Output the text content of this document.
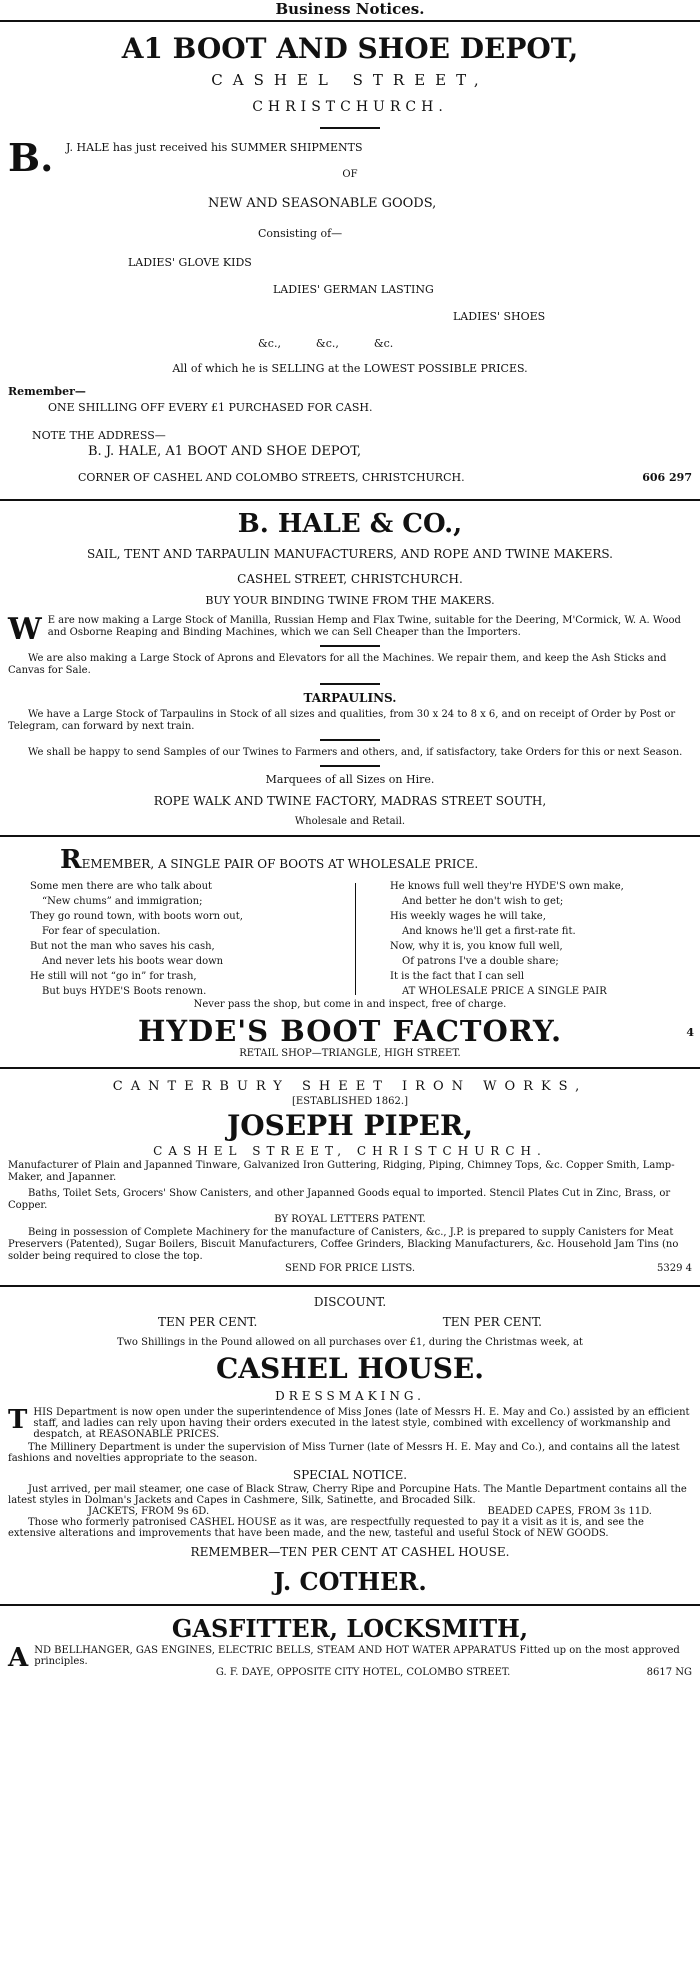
Business Notices.
A1 BOOT AND SHOE DEPOT,
CASHEL STREET,
CHRISTCHURCH.
B. J. HALE has just received his SUMMER SHIPMENTS
OF
NEW AND SEASONABLE GOODS,
Consisting of—
LADIES' GLOVE KIDS
LADIES' GERMAN LASTING
LADIES' SHOES
&c.,          &c.,          &c.
All of which he is SELLING at the LOWEST POSSIBLE PRICES.
Remember—
ONE SHILLING OFF EVERY £1 PURCHASED FOR CASH.
NOTE THE ADDRESS—
B. J. HALE, A1 BOOT AND SHOE DEPOT,
CORNER OF CASHEL AND COLOMBO STREETS, CHRISTCHURCH.	606 297
B. HALE & CO.,
SAIL, TENT AND TARPAULIN MANUFACTURERS, AND ROPE AND TWINE MAKERS.
CASHEL STREET, CHRISTCHURCH.
BUY YOUR BINDING TWINE FROM THE MAKERS.
W E are now making a Large Stock of Manilla, Russian Hemp and Flax Twine, suitable for the Deering, M'Cormick, W. A. Wood and Osborne Reaping and Binding Machines, which we can Sell Cheaper than the Importers.
We are also making a Large Stock of Aprons and Elevators for all the Machines. We repair them, and keep the Ash Sticks and Canvas for Sale.
TARPAULINS.
We have a Large Stock of Tarpaulins in Stock of all sizes and qualities, from 30 x 24 to 8 x 6, and on receipt of Order by Post or Telegram, can forward by next train.
We shall be happy to send Samples of our Twines to Farmers and others, and, if satisfactory, take Orders for this or next Season.
Marquees of all Sizes on Hire.
ROPE WALK AND TWINE FACTORY, MADRAS STREET SOUTH,
Wholesale and Retail.
REMEMBER, A SINGLE PAIR OF BOOTS AT WHOLESALE PRICE.
Some men there are who talk about
“New chums” and immigration;
They go round town, with boots worn out,
For fear of speculation.
But not the man who saves his cash,
And never lets his boots wear down
He still will not “go in” for trash,
But buys HYDE'S Boots renown.
He knows full well they're HYDE'S own make,
And better he don't wish to get;
His weekly wages he will take,
And knows he'll get a first-rate fit.
Now, why it is, you know full well,
Of patrons I've a double share;
It is the fact that I can sell
AT WHOLESALE PRICE A SINGLE PAIR
Never pass the shop, but come in and inspect, free of charge.
HYDE'S BOOT FACTORY.	4
RETAIL SHOP—TRIANGLE, HIGH STREET.
CANTERBURY SHEET IRON WORKS,
[ESTABLISHED 1862.]
JOSEPH PIPER,
CASHEL STREET, CHRISTCHURCH.
Manufacturer of Plain and Japanned Tinware, Galvanized Iron Guttering, Ridging, Piping, Chimney Tops, &c. Copper Smith, Lamp-Maker, and Japanner.
Baths, Toilet Sets, Grocers' Show Canisters, and other Japanned Goods equal to imported. Stencil Plates Cut in Zinc, Brass, or Copper.
BY ROYAL LETTERS PATENT.
Being in possession of Complete Machinery for the manufacture of Canisters, &c., J.P. is prepared to supply Canisters for Meat Preservers (Patented), Sugar Boilers, Biscuit Manufacturers, Coffee Grinders, Blacking Manufacturers, &c. Household Jam Tins (no solder being required to close the top.
SEND FOR PRICE LISTS.	5329 4
DISCOUNT.
TEN PER CENT.	TEN PER CENT.
Two Shillings in the Pound allowed on all purchases over £1, during the Christmas week, at
CASHEL HOUSE.
DRESSMAKING.
THIS Department is now open under the superintendence of Miss Jones (late of Messrs H. E. May and Co.) assisted by an efficient staff, and ladies can rely upon having their orders executed in the latest style, combined with excellency of workmanship and despatch, at REASONABLE PRICES.
The Millinery Department is under the supervision of Miss Turner (late of Messrs H. E. May and Co.), and contains all the latest fashions and novelties appropriate to the season.
SPECIAL NOTICE.
Just arrived, per mail steamer, one case of Black Straw, Cherry Ripe and Porcupine Hats. The Mantle Department contains all the latest styles in Dolman's Jackets and Capes in Cashmere, Silk, Satinette, and Brocaded Silk.
JACKETS, FROM 9s 6D.	BEADED CAPES, FROM 3s 11D.
Those who formerly patronised CASHEL HOUSE as it was, are respectfully requested to pay it a visit as it is, and see the extensive alterations and improvements that have been made, and the new, tasteful and useful Stock of NEW GOODS.
REMEMBER—TEN PER CENT AT CASHEL HOUSE.
J. COTHER.
GASFITTER, LOCKSMITH,
AND BELLHANGER, GAS ENGINES, ELECTRIC BELLS, STEAM AND HOT WATER APPARATUS Fitted up on the most approved principles.
G. F. DAYE, OPPOSITE CITY HOTEL, COLOMBO STREET.	8617 NG
